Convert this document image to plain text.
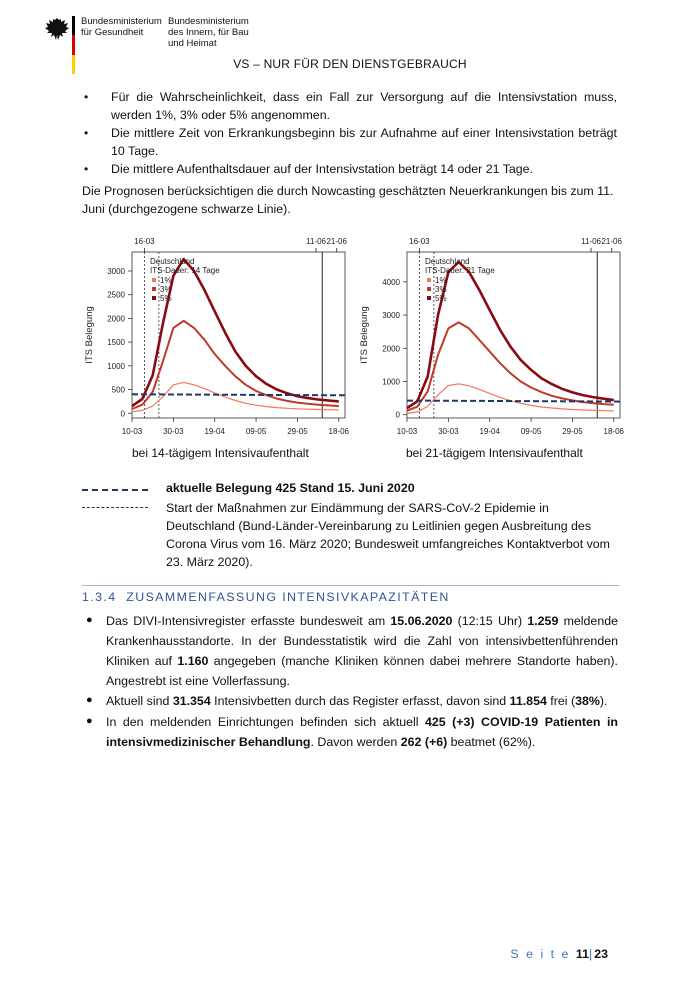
Bundesministerium
für Gesundheit
Bundesministerium
des Innern, für Bau
und Heimat
VS – NUR FÜR DEN DIENSTGEBRAUCH
• Für die Wahrscheinlichkeit, dass ein Fall zur Versorgung auf die Intensivstation muss, werden 1%, 3% oder 5% angenommen.

• Die mittlere Zeit von Erkrankungsbeginn bis zur Aufnahme auf einer Intensivstation beträgt 10 Tage.

• Die mittlere Aufenthaltsdauer auf der Intensivstation beträgt 14 oder 21 Tage.

Die Prognosen berücksichtigen die durch Nowcasting geschätzten Neuerkrankungen bis zum 11. Juni (durchgezogene schwarze Linie).
16-03	11-06 21-06
0
500
1000
1500
2000
2500
3000
ITS Belegung
10-03	30-03	19-04	09-05	29-05	18-06
Deutschland
ITS-Dauer: 14 Tage
1%
3%
5%
bei 14-tägigem Intensivaufenthalt
16-03	11-06 21-06
0
1000
2000
3000
4000
ITS Belegung
10-03	30-03	19-04	09-05	29-05	18-06
Deutschland
ITS-Dauer: 21 Tage
1%
3%
5%
bei 21-tägigem Intensivaufenthalt
aktuelle Belegung 425 Stand 15. Juni 2020
Start der Maßnahmen zur Eindämmung der SARS-CoV-2 Epidemie in Deutschland (Bund-Länder-Vereinbarung zu Leitlinien gegen Ausbreitung des Corona Virus vom 16. März 2020; Bundesweit umfangreiches Kontaktverbot vom 23. März 2020).
1.3.4 ZUSAMMENFASSUNG INTENSIVKAPAZITÄTEN
● Das DIVI-Intensivregister erfasste bundesweit am 15.06.2020 (12:15 Uhr) 1.259 meldende Krankenhausstandorte. In der Bundesstatistik wird die Zahl von intensivbettenführenden Kliniken auf 1.160 angegeben (manche Kliniken können dabei mehrere Standorte haben). Angestrebt ist eine Vollerfassung.

● Aktuell sind 31.354 Intensivbetten durch das Register erfasst, davon sind 11.854 frei (38%).

● In den meldenden Einrichtungen befinden sich aktuell 425 (+3) COVID-19 Patienten in intensivmedizinischer Behandlung. Davon werden 262 (+6) beatmet (62%).

S e i t e 11|23
